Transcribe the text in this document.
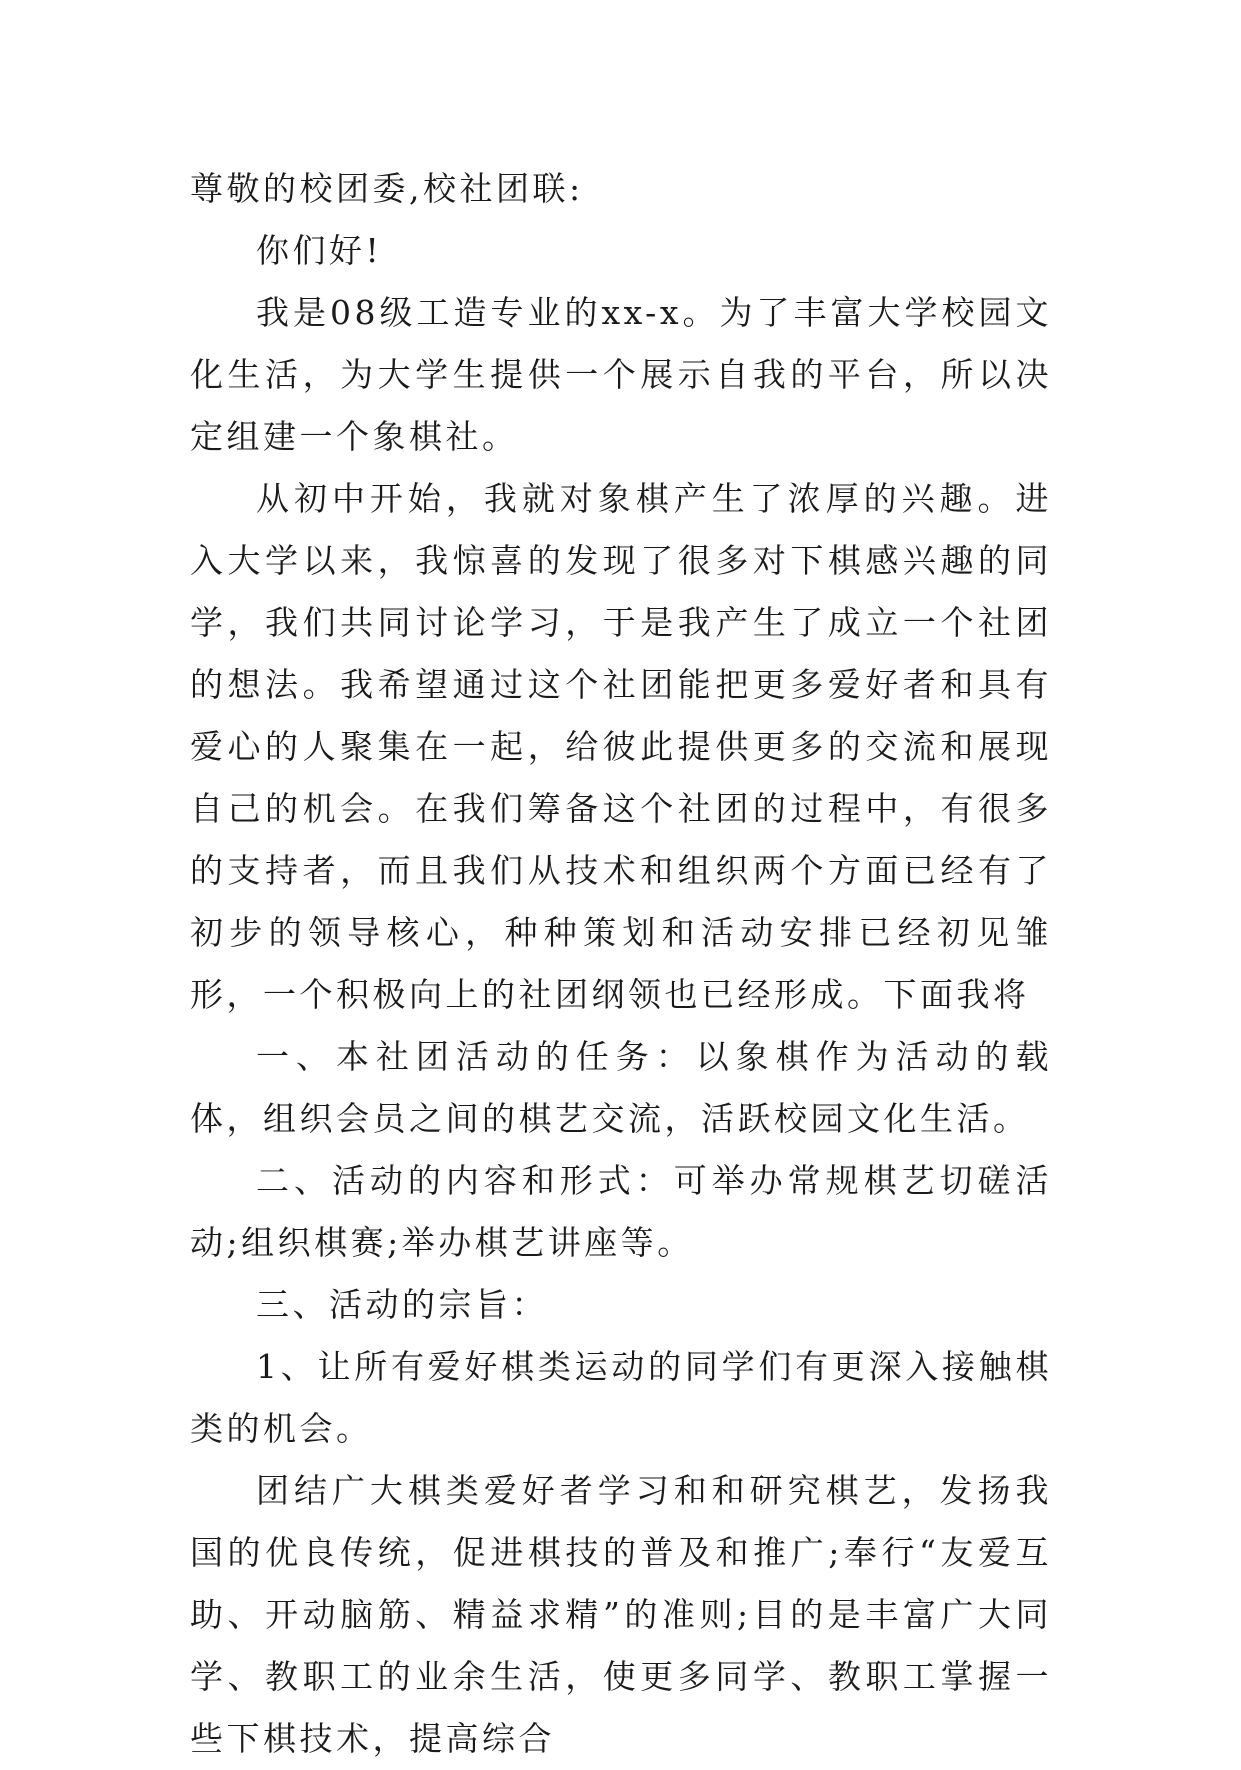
尊敬的校团委,校社团联:

你们好!

我是08级工造专业的xx-x。为了丰富大学校园文化生活，为大学生提供一个展示自我的平台，所以决定组建一个象棋社。

从初中开始，我就对象棋产生了浓厚的兴趣。进入大学以来，我惊喜的发现了很多对下棋感兴趣的同学，我们共同讨论学习，于是我产生了成立一个社团的想法。我希望通过这个社团能把更多爱好者和具有爱心的人聚集在一起，给彼此提供更多的交流和展现自己的机会。在我们筹备这个社团的过程中，有很多的支持者，而且我们从技术和组织两个方面已经有了初步的领导核心，种种策划和活动安排已经初见雏形，一个积极向上的社团纲领也已经形成。下面我将

一、本社团活动的任务：以象棋作为活动的载体，组织会员之间的棋艺交流，活跃校园文化生活。

二、活动的内容和形式：可举办常规棋艺切磋活动;组织棋赛;举办棋艺讲座等。

三、活动的宗旨：

1、让所有爱好棋类运动的同学们有更深入接触棋类的机会。

团结广大棋类爱好者学习和和研究棋艺，发扬我国的优良传统，促进棋技的普及和推广;奉行“友爱互助、开动脑筋、精益求精”的准则;目的是丰富广大同学、教职工的业余生活，使更多同学、教职工掌握一些下棋技术，提高综合
